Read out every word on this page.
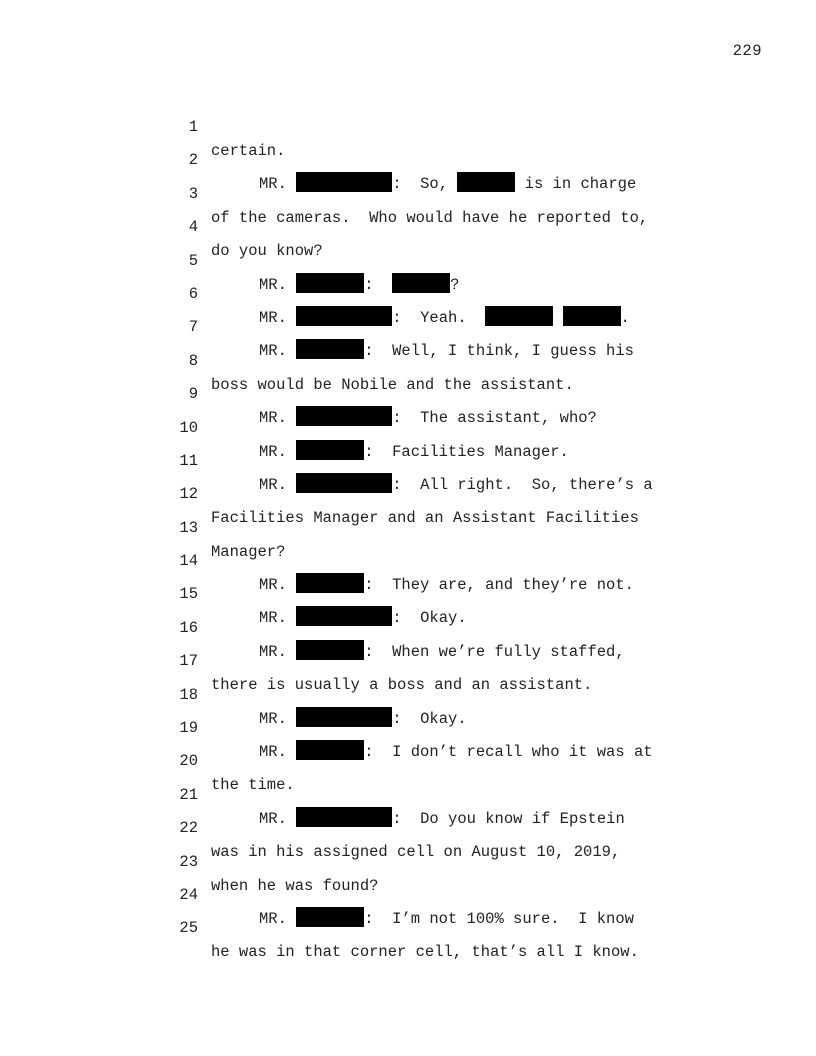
229

1

certain.

2

MR.	:  So,	is in charge

3

of the cameras.  Who would have he reported to,

4

do you know?

5

MR.	:	?

6

MR.	:  Yeah.	.

7

MR.	:  Well, I think, I guess his

8

boss would be Nobile and the assistant.

9

MR.	:  The assistant, who?

10

MR.	:  Facilities Manager.

11

MR.	:  All right.  So, there’s a

12

Facilities Manager and an Assistant Facilities

13

Manager?

14

MR.	:  They are, and they’re not.

15

MR.	:  Okay.

16

MR.	:  When we’re fully staffed,

17

there is usually a boss and an assistant.

18

MR.	:  Okay.

19

MR.	:  I don’t recall who it was at

20

the time.

21

MR.	:  Do you know if Epstein

22

was in his assigned cell on August 10, 2019,

23

when he was found?

24

MR.	:  I’m not 100% sure.  I know

25

he was in that corner cell, that’s all I know.
